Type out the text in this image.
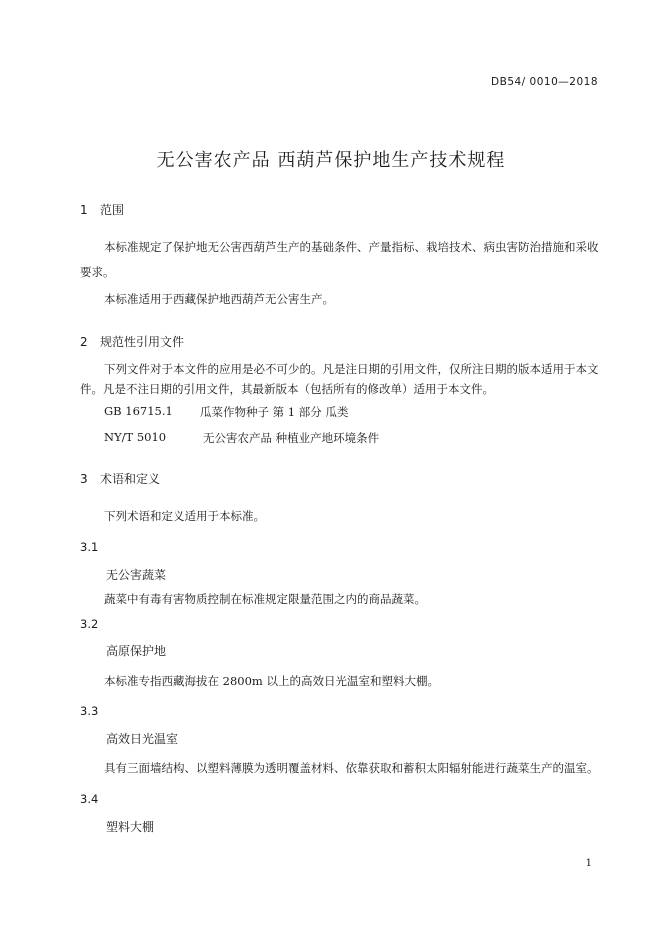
DB54/ 0010—2018
无公害农产品 西葫芦保护地生产技术规程
1 范围
本标准规定了保护地无公害西葫芦生产的基础条件、产量指标、栽培技术、病虫害防治措施和采收要求。
本标准适用于西藏保护地西葫芦无公害生产。
2 规范性引用文件
下列文件对于本文件的应用是必不可少的。凡是注日期的引用文件，仅所注日期的版本适用于本文件。凡是不注日期的引用文件，其最新版本（包括所有的修改单）适用于本文件。
GB 16715.1 瓜菜作物种子 第 1 部分 瓜类
NY/T 5010	无公害农产品 种植业产地环境条件
3 术语和定义
下列术语和定义适用于本标准。
3.1
无公害蔬菜
蔬菜中有毒有害物质控制在标准规定限量范围之内的商品蔬菜。
3.2
高原保护地
本标准专指西藏海拔在 2800m 以上的高效日光温室和塑料大棚。
3.3
高效日光温室
具有三面墙结构、以塑料薄膜为透明覆盖材料、依靠获取和蓄积太阳辐射能进行蔬菜生产的温室。
3.4
塑料大棚
1
